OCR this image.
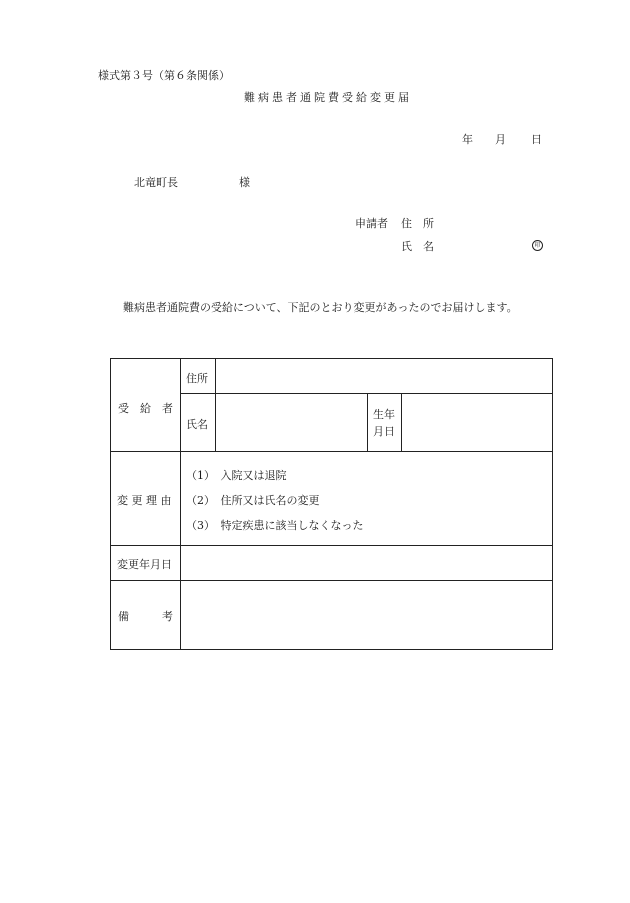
様式第３号（第６条関係）
難病患者通院費受給変更届
年 月 日
北竜町長	様
申請者 住　所
氏　名	印
難病患者通院費の受給について、下記のとおり変更があったのでお届けします。
受　給　者
住所
氏名
生年
月日
変 更 理 由
（1）　入院又は退院
（2）　住所又は氏名の変更
（3）　特定疾患に該当しなくなった
変更年月日
備　　　考
